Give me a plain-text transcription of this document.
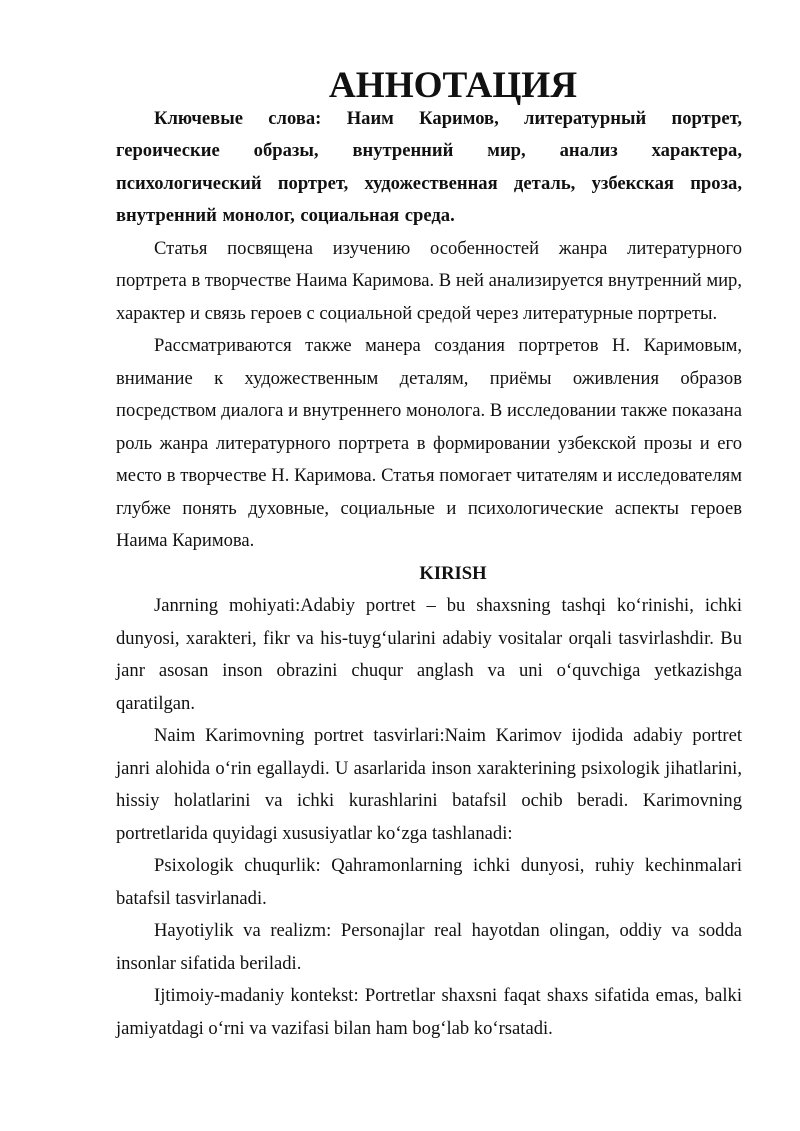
АННОТАЦИЯ

Ключевые слова: Наим Каримов, литературный портрет, героические образы, внутренний мир, анализ характера, психологический портрет, художественная деталь, узбекская проза, внутренний монолог, социальная среда.

Статья посвящена изучению особенностей жанра литературного портрета в творчестве Наима Каримова. В ней анализируется внутренний мир, характер и связь героев с социальной средой через литературные портреты.

Рассматриваются также манера создания портретов Н. Каримовым, внимание к художественным деталям, приёмы оживления образов посредством диалога и внутреннего монолога. В исследовании также показана роль жанра литературного портрета в формировании узбекской прозы и его место в творчестве Н. Каримова. Статья помогает читателям и исследователям глубже понять духовные, социальные и психологические аспекты героев Наима Каримова.

KIRISH

Janrning mohiyati:Adabiy portret – bu shaxsning tashqi koʻrinishi, ichki dunyosi, xarakteri, fikr va his-tuygʻularini adabiy vositalar orqali tasvirlashdir. Bu janr asosan inson obrazini chuqur anglash va uni oʻquvchiga yetkazishga qaratilgan.

Naim Karimovning portret tasvirlari:Naim Karimov ijodida adabiy portret janri alohida oʻrin egallaydi. U asarlarida inson xarakterining psixologik jihatlarini, hissiy holatlarini va ichki kurashlarini batafsil ochib beradi. Karimovning portretlarida quyidagi xususiyatlar koʻzga tashlanadi:

Psixologik chuqurlik: Qahramonlarning ichki dunyosi, ruhiy kechinmalari batafsil tasvirlanadi.

Hayotiylik va realizm: Personajlar real hayotdan olingan, oddiy va sodda insonlar sifatida beriladi.

Ijtimoiy-madaniy kontekst: Portretlar shaxsni faqat shaxs sifatida emas, balki jamiyatdagi oʻrni va vazifasi bilan ham bogʻlab koʻrsatadi.
